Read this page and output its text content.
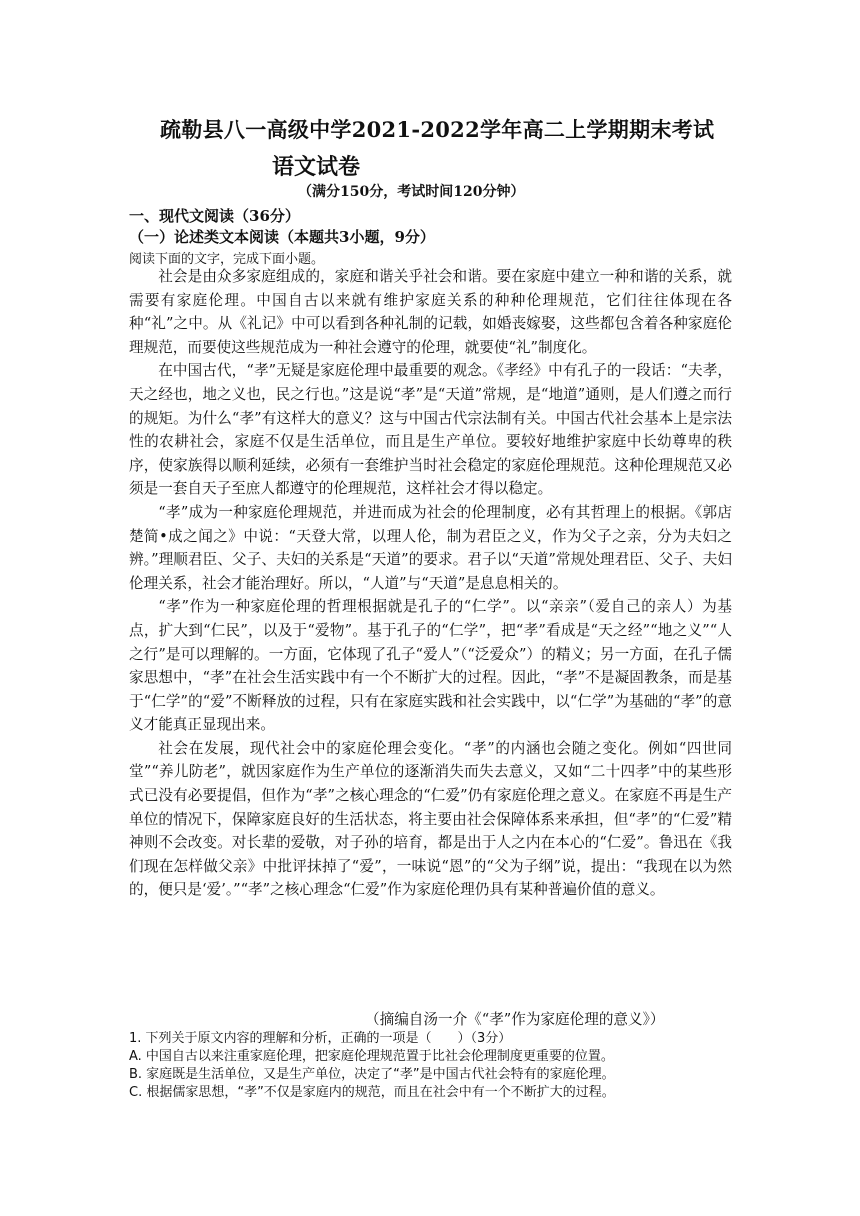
疏勒县八一高级中学2021-2022学年高二上学期期末考试
语文试卷
（满分150分，考试时间120分钟）
一、现代文阅读（36分）
（一）论述类文本阅读（本题共3小题，9分）
阅读下面的文字，完成下面小题。

社会是由众多家庭组成的，家庭和谐关乎社会和谐。要在家庭中建立一种和谐的关系，就需要有家庭伦理。中国自古以来就有维护家庭关系的种种伦理规范，它们往往体现在各种“礼”之中。从《礼记》中可以看到各种礼制的记载，如婚丧嫁娶，这些都包含着各种家庭伦理规范，而要使这些规范成为一种社会遵守的伦理，就要使“礼”制度化。

在中国古代，“孝”无疑是家庭伦理中最重要的观念。《孝经》中有孔子的一段话：“夫孝，天之经也，地之义也，民之行也。”这是说“孝”是“天道”常规，是“地道”通则，是人们遵之而行的规矩。为什么“孝”有这样大的意义？这与中国古代宗法制有关。中国古代社会基本上是宗法性的农耕社会，家庭不仅是生活单位，而且是生产单位。要较好地维护家庭中长幼尊卑的秩序，使家族得以顺利延续，必须有一套维护当时社会稳定的家庭伦理规范。这种伦理规范又必须是一套自天子至庶人都遵守的伦理规范，这样社会才得以稳定。

“孝”成为一种家庭伦理规范，并进而成为社会的伦理制度，必有其哲理上的根据。《郭店楚简•成之闻之》中说：“天登大常，以理人伦，制为君臣之义，作为父子之亲，分为夫妇之辨。”理顺君臣、父子、夫妇的关系是“天道”的要求。君子以“天道”常规处理君臣、父子、夫妇伦理关系，社会才能治理好。所以，“人道”与“天道”是息息相关的。

“孝”作为一种家庭伦理的哲理根据就是孔子的“仁学”。以“亲亲”（爱自己的亲人）为基点，扩大到“仁民”，以及于“爱物”。基于孔子的“仁学”，把“孝”看成是“天之经”“地之义”“人之行”是可以理解的。一方面，它体现了孔子“爱人”（“泛爱众”）的精义；另一方面，在孔子儒家思想中，“孝”在社会生活实践中有一个不断扩大的过程。因此，“孝”不是凝固教条，而是基于“仁学”的“爱”不断释放的过程，只有在家庭实践和社会实践中，以“仁学”为基础的“孝”的意义才能真正显现出来。

社会在发展，现代社会中的家庭伦理会变化。“孝”的内涵也会随之变化。例如“四世同堂”“养儿防老”，就因家庭作为生产单位的逐渐消失而失去意义，又如“二十四孝”中的某些形式已没有必要提倡，但作为“孝”之核心理念的“仁爱”仍有家庭伦理之意义。在家庭不再是生产单位的情况下，保障家庭良好的生活状态，将主要由社会保障体系来承担，但“孝”的“仁爱”精神则不会改变。对长辈的爱敬，对子孙的培育，都是出于人之内在本心的“仁爱”。鲁迅在《我们现在怎样做父亲》中批评抹掉了“爱”，一味说“恩”的“父为子纲”说，提出：“我现在以为然的，便只是‘爱’。”“孝”之核心理念“仁爱”作为家庭伦理仍具有某种普遍价值的意义。

（摘编自汤一介《“孝”作为家庭伦理的意义》）
1. 下列关于原文内容的理解和分析，正确的一项是（　　）（3分）
A. 中国自古以来注重家庭伦理，把家庭伦理规范置于比社会伦理制度更重要的位置。
B. 家庭既是生活单位，又是生产单位，决定了“孝”是中国古代社会特有的家庭伦理。
C. 根据儒家思想，“孝”不仅是家庭内的规范，而且在社会中有一个不断扩大的过程。
